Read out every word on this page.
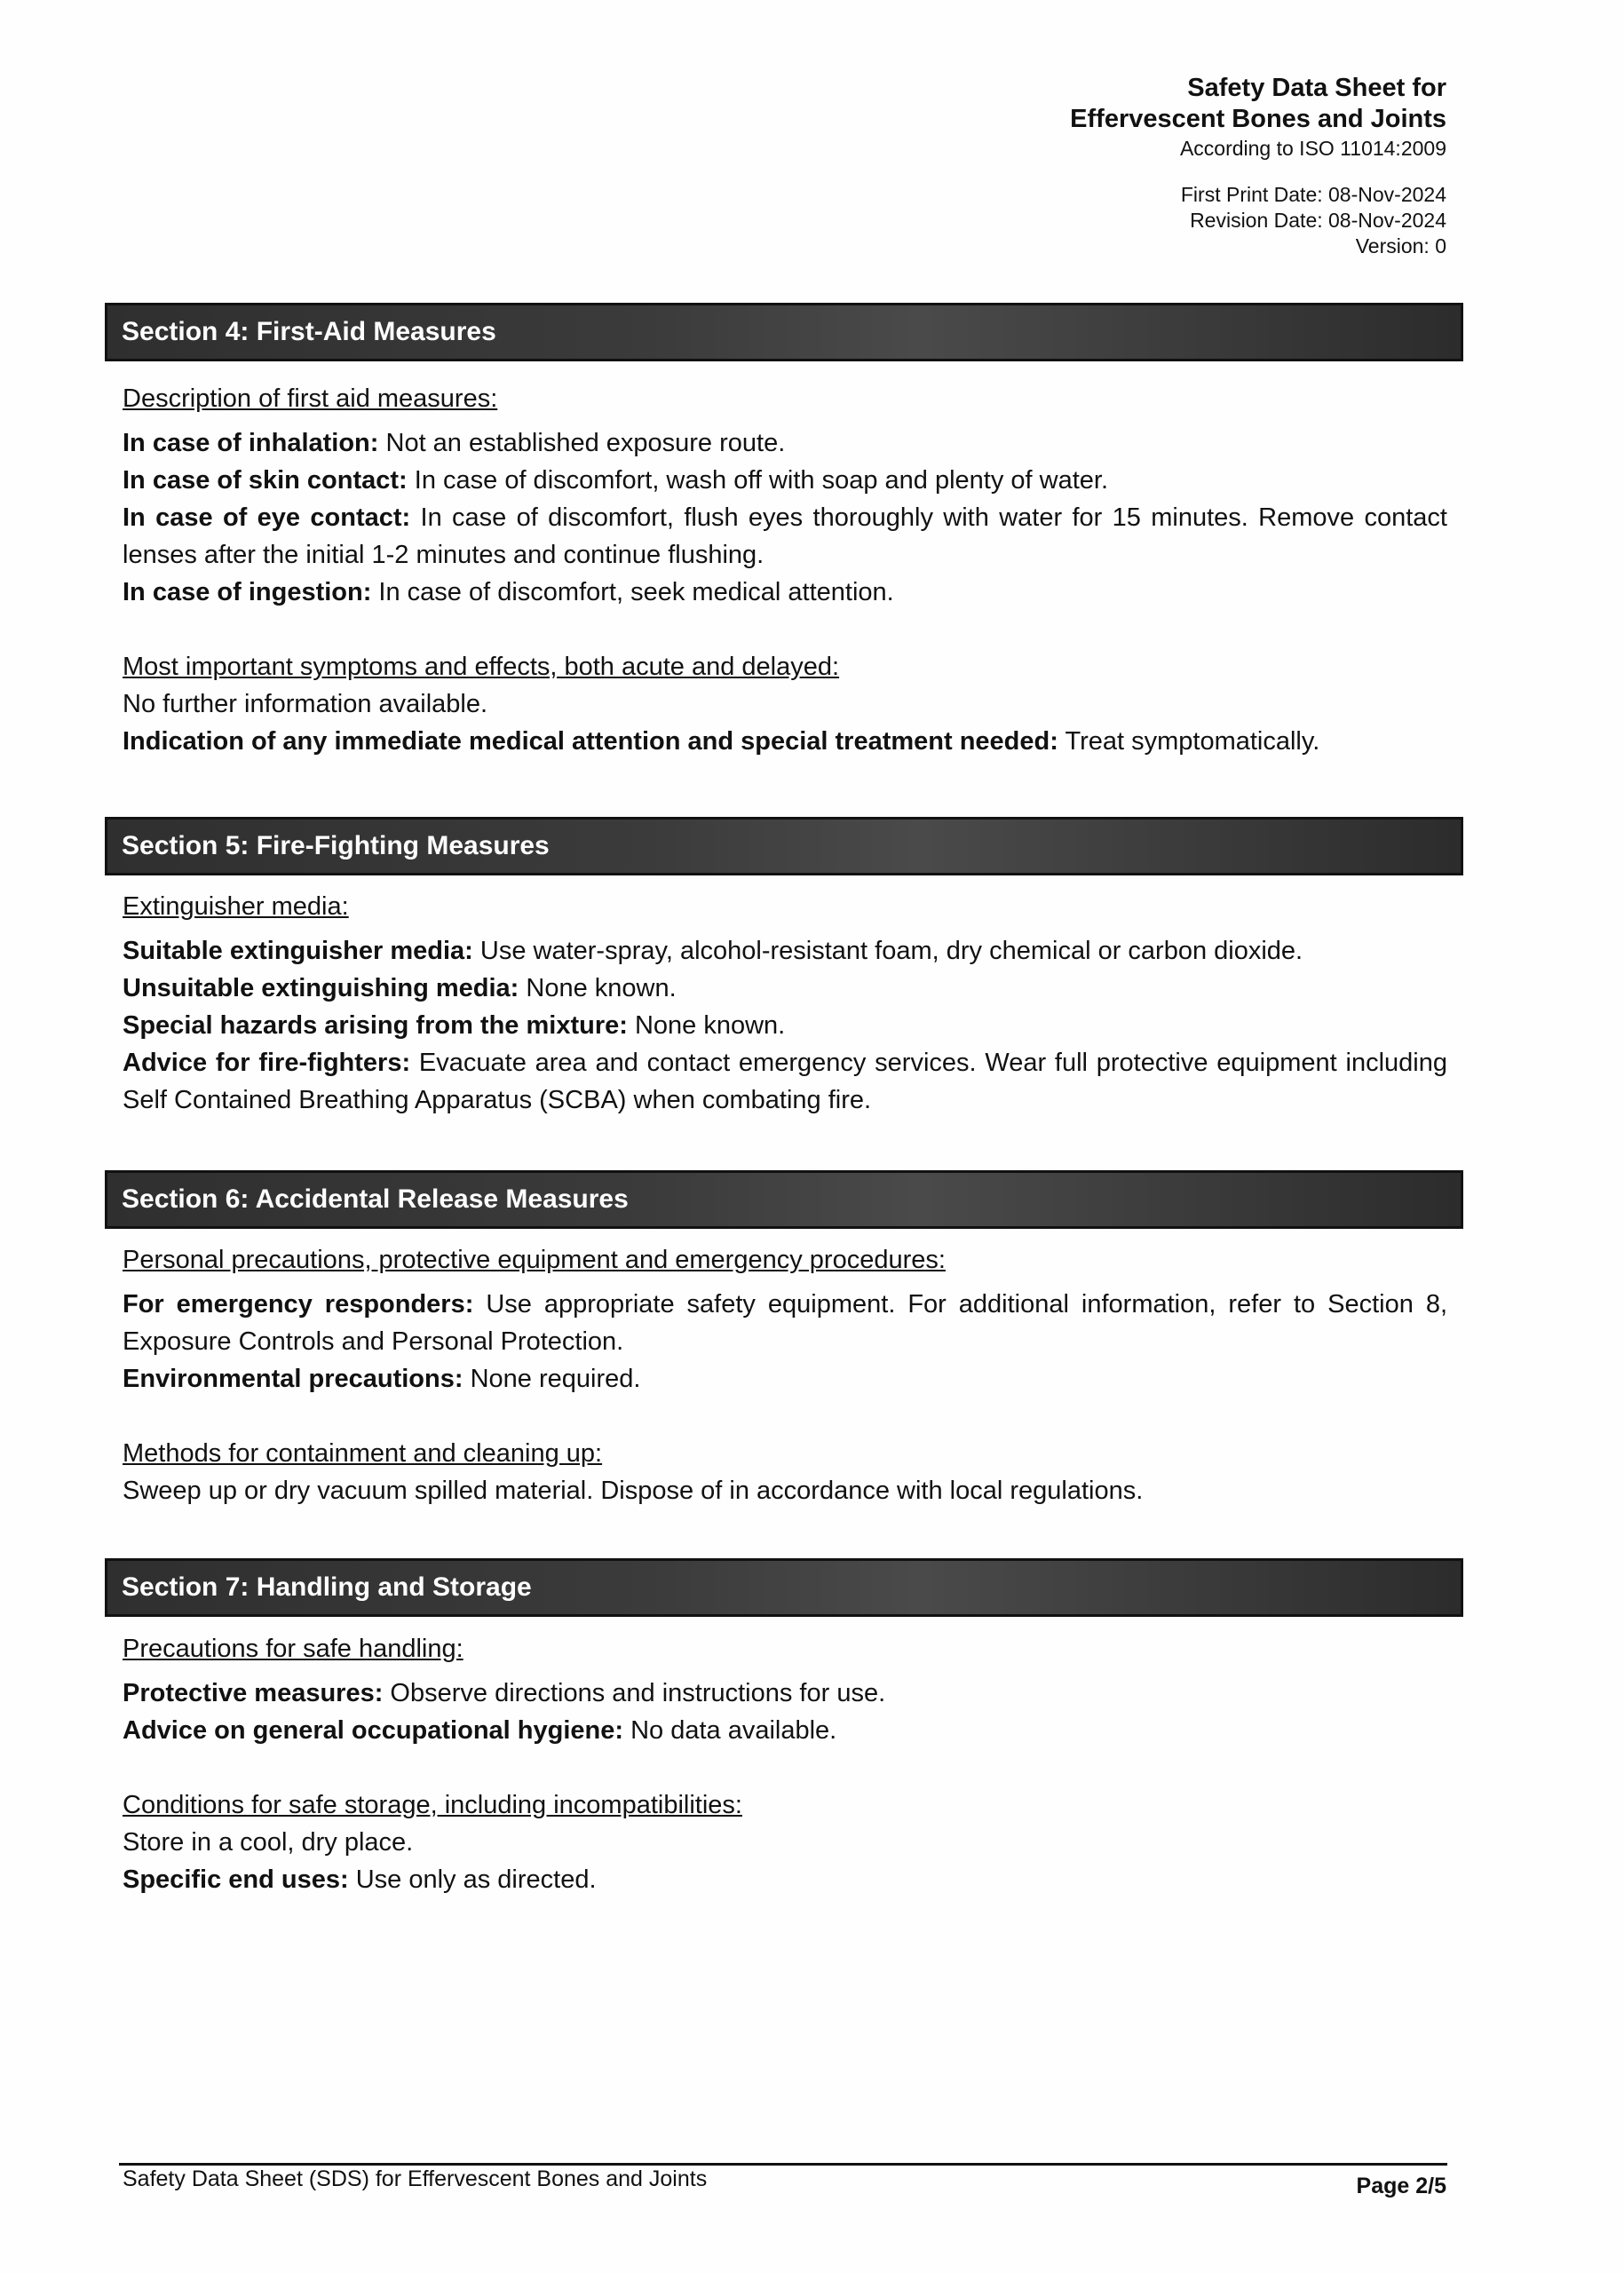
Safety Data Sheet for
Effervescent Bones and Joints
According to ISO 11014:2009
First Print Date: 08-Nov-2024
Revision Date: 08-Nov-2024
Version: 0
Section 4: First-Aid Measures
Description of first aid measures:
In case of inhalation: Not an established exposure route.
In case of skin contact: In case of discomfort, wash off with soap and plenty of water.
In case of eye contact: In case of discomfort, flush eyes thoroughly with water for 15 minutes. Remove contact lenses after the initial 1-2 minutes and continue flushing.
In case of ingestion: In case of discomfort, seek medical attention.
Most important symptoms and effects, both acute and delayed:
No further information available.
Indication of any immediate medical attention and special treatment needed: Treat symptomatically.
Section 5: Fire-Fighting Measures
Extinguisher media:
Suitable extinguisher media: Use water-spray, alcohol-resistant foam, dry chemical or carbon dioxide.
Unsuitable extinguishing media: None known.
Special hazards arising from the mixture: None known.
Advice for fire-fighters: Evacuate area and contact emergency services. Wear full protective equipment including Self Contained Breathing Apparatus (SCBA) when combating fire.
Section 6: Accidental Release Measures
Personal precautions, protective equipment and emergency procedures:
For emergency responders: Use appropriate safety equipment. For additional information, refer to Section 8, Exposure Controls and Personal Protection.
Environmental precautions: None required.
Methods for containment and cleaning up:
Sweep up or dry vacuum spilled material. Dispose of in accordance with local regulations.
Section 7: Handling and Storage
Precautions for safe handling:
Protective measures: Observe directions and instructions for use.
Advice on general occupational hygiene: No data available.
Conditions for safe storage, including incompatibilities:
Store in a cool, dry place.
Specific end uses: Use only as directed.
Safety Data Sheet (SDS) for Effervescent Bones and Joints	Page 2/5
